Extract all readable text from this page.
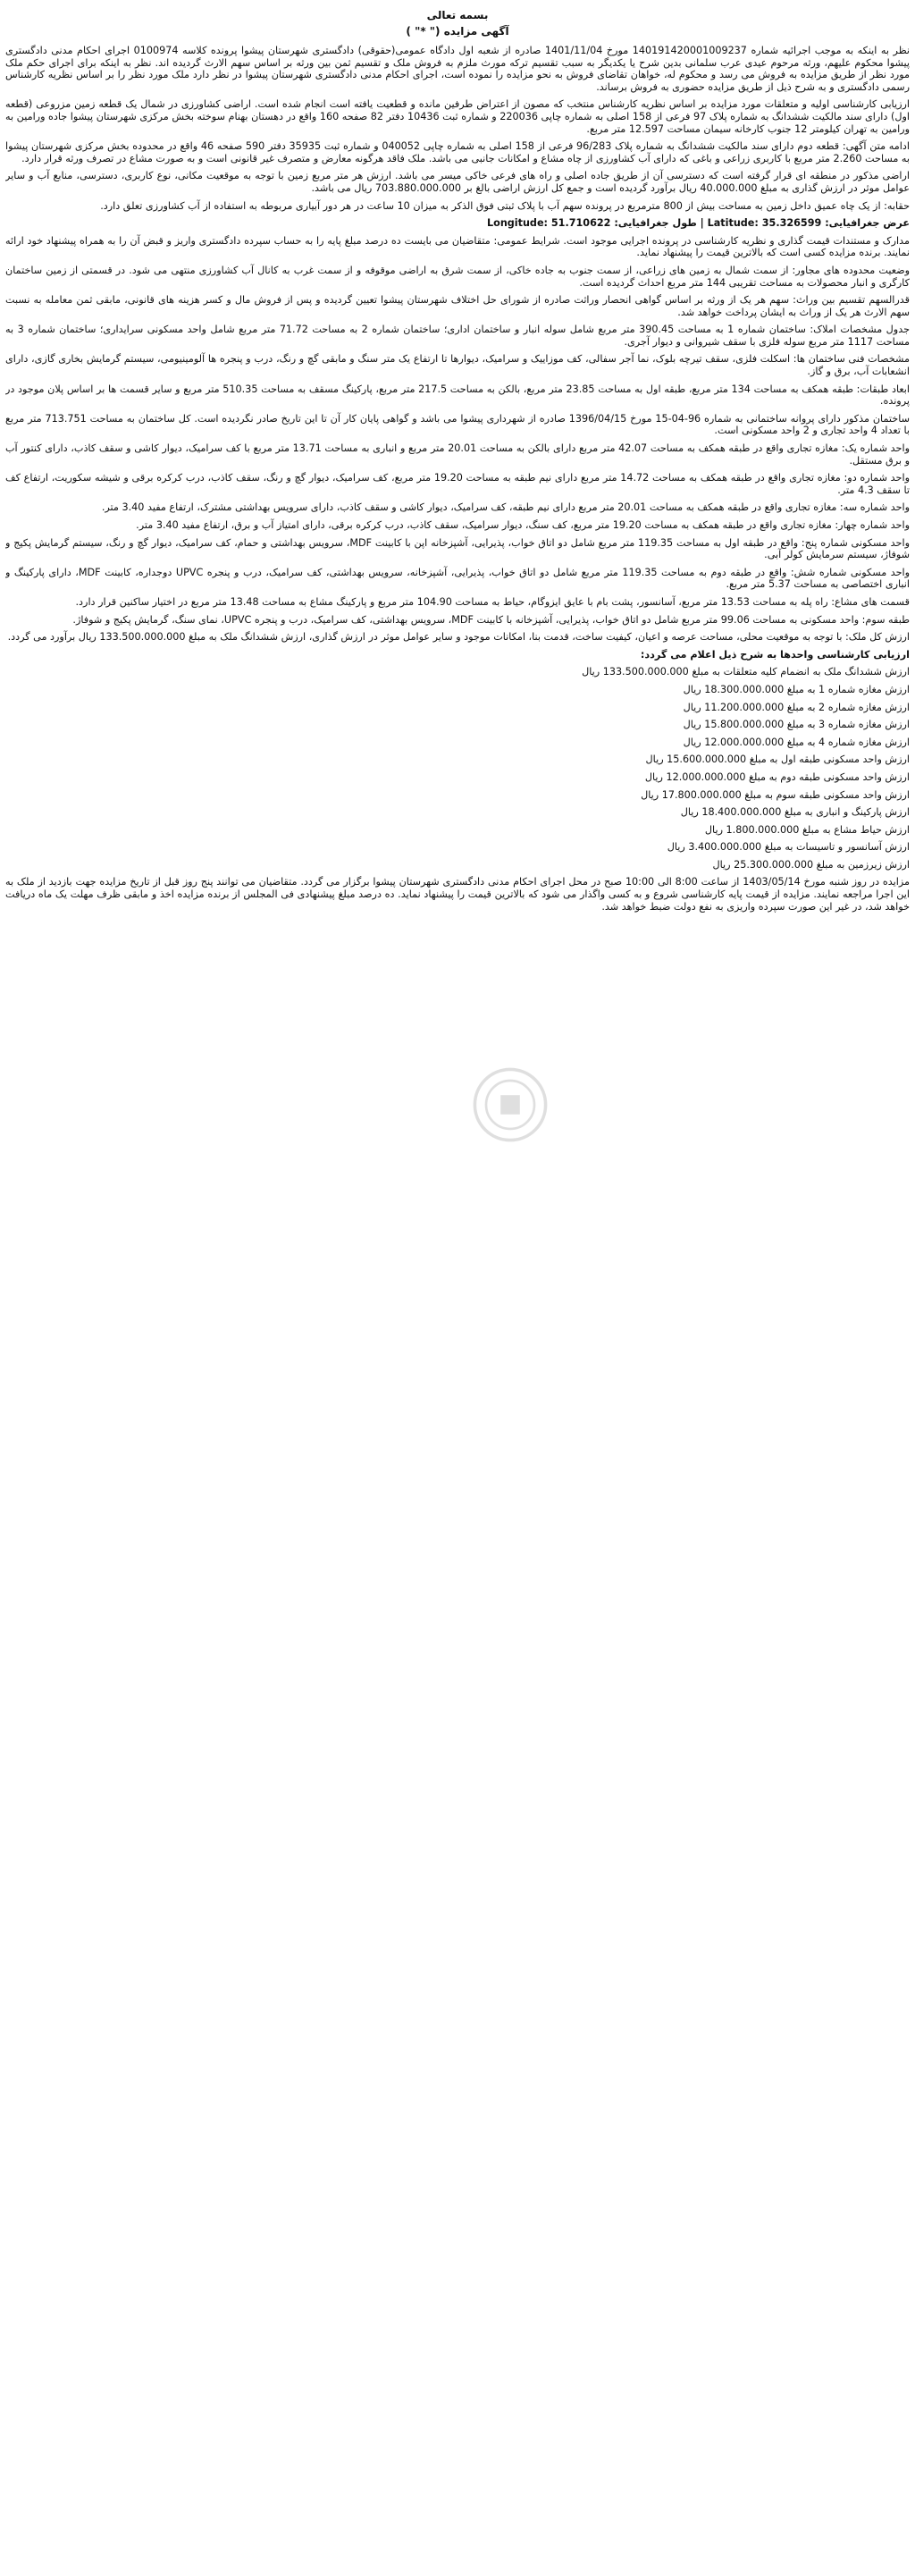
بسمه تعالی
آگهی مزایده (" *" )

نظر به اینکه به موجب اجرائیه شماره 140191420001009237 مورخ 1401/11/04 صادره از شعبه اول دادگاه عمومی(حقوقی) دادگستری شهرستان پیشوا پرونده کلاسه 0100974 اجرای احکام مدنی دادگستری پیشوا محکوم علیهم، ورثه مرحوم عیدی عرب سلمانی بدین شرح یا یکدیگر به سبب تقسیم ترکه مورث ملزم به فروش ملک و تقسیم ثمن بین ورثه بر اساس سهم الارث گردیده اند. نظر به اینکه برای اجرای حکم ملک مورد نظر از طریق مزایده به فروش می رسد و محکوم له، خواهان تقاضای فروش به نحو مزایده را نموده است، اجرای احکام مدنی دادگستری شهرستان پیشوا در نظر دارد ملک مورد نظر را بر اساس نظریه کارشناس رسمی دادگستری و به شرح ذیل از طریق مزایده حضوری به فروش برساند.

ارزیابی کارشناسی اولیه و متعلقات مورد مزایده بر اساس نظریه کارشناس منتخب که مصون از اعتراض طرفین مانده و قطعیت یافته است انجام شده است. اراضی کشاورزی در شمال یک قطعه زمین مزروعی (قطعه اول) دارای سند مالکیت ششدانگ به شماره پلاک 97 فرعی از 158 اصلی به شماره چاپی 220036 و شماره ثبت 10436 دفتر 82 صفحه 160 واقع در دهستان بهنام سوخته بخش مرکزی شهرستان پیشوا جاده ورامین به ورامین به تهران کیلومتر 12 جنوب کارخانه سیمان مساحت 12.597 متر مربع.

ادامه متن آگهی: قطعه دوم دارای سند مالکیت ششدانگ به شماره پلاک 96/283 فرعی از 158 اصلی به شماره چاپی 040052 و شماره ثبت 35935 دفتر 590 صفحه 46 واقع در محدوده بخش مرکزی شهرستان پیشوا به مساحت 2.260 متر مربع با کاربری زراعی و باغی که دارای آب کشاورزی از چاه مشاع و امکانات جانبی می باشد. ملک فاقد هرگونه معارض و متصرف غیر قانونی است و به صورت مشاع در تصرف ورثه قرار دارد.

اراضی مذکور در منطقه ای قرار گرفته است که دسترسی آن از طریق جاده اصلی و راه های فرعی خاکی میسر می باشد. ارزش هر متر مربع زمین با توجه به موقعیت مکانی، نوع کاربری، دسترسی، منابع آب و سایر عوامل موثر در ارزش گذاری به مبلغ 40.000.000 ریال برآورد گردیده است و جمع کل ارزش اراضی بالغ بر 703.880.000.000 ریال می باشد.

حقابه: از یک چاه عمیق داخل زمین به مساحت بیش از 800 مترمربع در پرونده سهم آب با پلاک ثبتی فوق الذکر به میزان 10 ساعت در هر دور آبیاری مربوطه به استفاده از آب کشاورزی تعلق دارد.

عرض جغرافیایی: Latitude: 35.326599 | طول جغرافیایی: Longitude: 51.710622

مدارک و مستندات قیمت گذاری و نظریه کارشناسی در پرونده اجرایی موجود است. شرایط عمومی: متقاضیان می بایست ده درصد مبلغ پایه را به حساب سپرده دادگستری واریز و قبض آن را به همراه پیشنهاد خود ارائه نمایند. برنده مزایده کسی است که بالاترین قیمت را پیشنهاد نماید.

وضعیت محدوده های مجاور: از سمت شمال به زمین های زراعی، از سمت جنوب به جاده خاکی، از سمت شرق به اراضی موقوفه و از سمت غرب به کانال آب کشاورزی منتهی می شود. در قسمتی از زمین ساختمان کارگری و انبار محصولات به مساحت تقریبی 144 متر مربع احداث گردیده است.

قدرالسهم تقسیم بین وراث: سهم هر یک از ورثه بر اساس گواهی انحصار وراثت صادره از شورای حل اختلاف شهرستان پیشوا تعیین گردیده و پس از فروش مال و کسر هزینه های قانونی، مابقی ثمن معامله به نسبت سهم الارث هر یک از وراث به ایشان پرداخت خواهد شد.

جدول مشخصات املاک: ساختمان شماره 1 به مساحت 390.45 متر مربع شامل سوله انبار و ساختمان اداری؛ ساختمان شماره 2 به مساحت 71.72 متر مربع شامل واحد مسکونی سرایداری؛ ساختمان شماره 3 به مساحت 1117 متر مربع سوله فلزی با سقف شیروانی و دیوار آجری.

مشخصات فنی ساختمان ها: اسکلت فلزی، سقف تیرچه بلوک، نما آجر سفالی، کف موزاییک و سرامیک، دیوارها تا ارتفاع یک متر سنگ و مابقی گچ و رنگ، درب و پنجره ها آلومینیومی، سیستم گرمایش بخاری گازی، دارای انشعابات آب، برق و گاز.

ابعاد طبقات: طبقه همکف به مساحت 134 متر مربع، طبقه اول به مساحت 23.85 متر مربع، بالکن به مساحت 217.5 متر مربع، پارکینگ مسقف به مساحت 510.35 متر مربع و سایر قسمت ها بر اساس پلان موجود در پرونده.

ساختمان مذکور دارای پروانه ساختمانی به شماره 96-04-15 مورخ 1396/04/15 صادره از شهرداری پیشوا می باشد و گواهی پایان کار آن تا این تاریخ صادر نگردیده است. کل ساختمان به مساحت 713.751 متر مربع با تعداد 4 واحد تجاری و 2 واحد مسکونی است.

واحد شماره یک: مغازه تجاری واقع در طبقه همکف به مساحت 42.07 متر مربع دارای بالکن به مساحت 20.01 متر مربع و انباری به مساحت 13.71 متر مربع با کف سرامیک، دیوار کاشی و سقف کاذب، دارای کنتور آب و برق مستقل.

واحد شماره دو: مغازه تجاری واقع در طبقه همکف به مساحت 14.72 متر مربع دارای نیم طبقه به مساحت 19.20 متر مربع، کف سرامیک، دیوار گچ و رنگ، سقف کاذب، درب کرکره برقی و شیشه سکوریت، ارتفاع کف تا سقف 4.3 متر.

واحد شماره سه: مغازه تجاری واقع در طبقه همکف به مساحت 20.01 متر مربع دارای نیم طبقه، کف سرامیک، دیوار کاشی و سقف کاذب، دارای سرویس بهداشتی مشترک، ارتفاع مفید 3.40 متر.

واحد شماره چهار: مغازه تجاری واقع در طبقه همکف به مساحت 19.20 متر مربع، کف سنگ، دیوار سرامیک، سقف کاذب، درب کرکره برقی، دارای امتیاز آب و برق، ارتفاع مفید 3.40 متر.

واحد مسکونی شماره پنج: واقع در طبقه اول به مساحت 119.35 متر مربع شامل دو اتاق خواب، پذیرایی، آشپزخانه اپن با کابینت MDF، سرویس بهداشتی و حمام، کف سرامیک، دیوار گچ و رنگ، سیستم گرمایش پکیج و شوفاژ، سیستم سرمایش کولر آبی.

واحد مسکونی شماره شش: واقع در طبقه دوم به مساحت 119.35 متر مربع شامل دو اتاق خواب، پذیرایی، آشپزخانه، سرویس بهداشتی، کف سرامیک، درب و پنجره UPVC دوجداره، کابینت MDF، دارای پارکینگ و انباری اختصاصی به مساحت 5.37 متر مربع.

قسمت های مشاع: راه پله به مساحت 13.53 متر مربع، آسانسور، پشت بام با عایق ایزوگام، حیاط به مساحت 104.90 متر مربع و پارکینگ مشاع به مساحت 13.48 متر مربع در اختیار ساکنین قرار دارد.

طبقه سوم: واحد مسکونی به مساحت 99.06 متر مربع شامل دو اتاق خواب، پذیرایی، آشپزخانه با کابینت MDF، سرویس بهداشتی، کف سرامیک، درب و پنجره UPVC، نمای سنگ، گرمایش پکیج و شوفاژ.

ارزش کل ملک: با توجه به موقعیت محلی، مساحت عرصه و اعیان، کیفیت ساخت، قدمت بنا، امکانات موجود و سایر عوامل موثر در ارزش گذاری، ارزش ششدانگ ملک به مبلغ 133.500.000.000 ریال برآورد می گردد.

ارزیابی کارشناسی واحدها به شرح ذیل اعلام می گردد:

ارزش ششدانگ ملک به انضمام کلیه متعلقات به مبلغ 133.500.000.000 ریال

ارزش مغازه شماره 1 به مبلغ 18.300.000.000 ریال

ارزش مغازه شماره 2 به مبلغ 11.200.000.000 ریال

ارزش مغازه شماره 3 به مبلغ 15.800.000.000 ریال

ارزش مغازه شماره 4 به مبلغ 12.000.000.000 ریال

ارزش واحد مسکونی طبقه اول به مبلغ 15.600.000.000 ریال

ارزش واحد مسکونی طبقه دوم به مبلغ 12.000.000.000 ریال

ارزش واحد مسکونی طبقه سوم به مبلغ 17.800.000.000 ریال

ارزش پارکینگ و انباری به مبلغ 18.400.000.000 ریال

ارزش حیاط مشاع به مبلغ 1.800.000.000 ریال

ارزش آسانسور و تاسیسات به مبلغ 3.400.000.000 ریال

ارزش زیرزمین به مبلغ 25.300.000.000 ریال

مزایده در روز شنبه مورخ 1403/05/14 از ساعت 8:00 الی 10:00 صبح در محل اجرای احکام مدنی دادگستری شهرستان پیشوا برگزار می گردد. متقاضیان می توانند پنج روز قبل از تاریخ مزایده جهت بازدید از ملک به این اجرا مراجعه نمایند. مزایده از قیمت پایه کارشناسی شروع و به کسی واگذار می شود که بالاترین قیمت را پیشنهاد نماید. ده درصد مبلغ پیشنهادی فی المجلس از برنده مزایده اخذ و مابقی ظرف مهلت یک ماه دریافت خواهد شد، در غیر این صورت سپرده واریزی به نفع دولت ضبط خواهد شد.
